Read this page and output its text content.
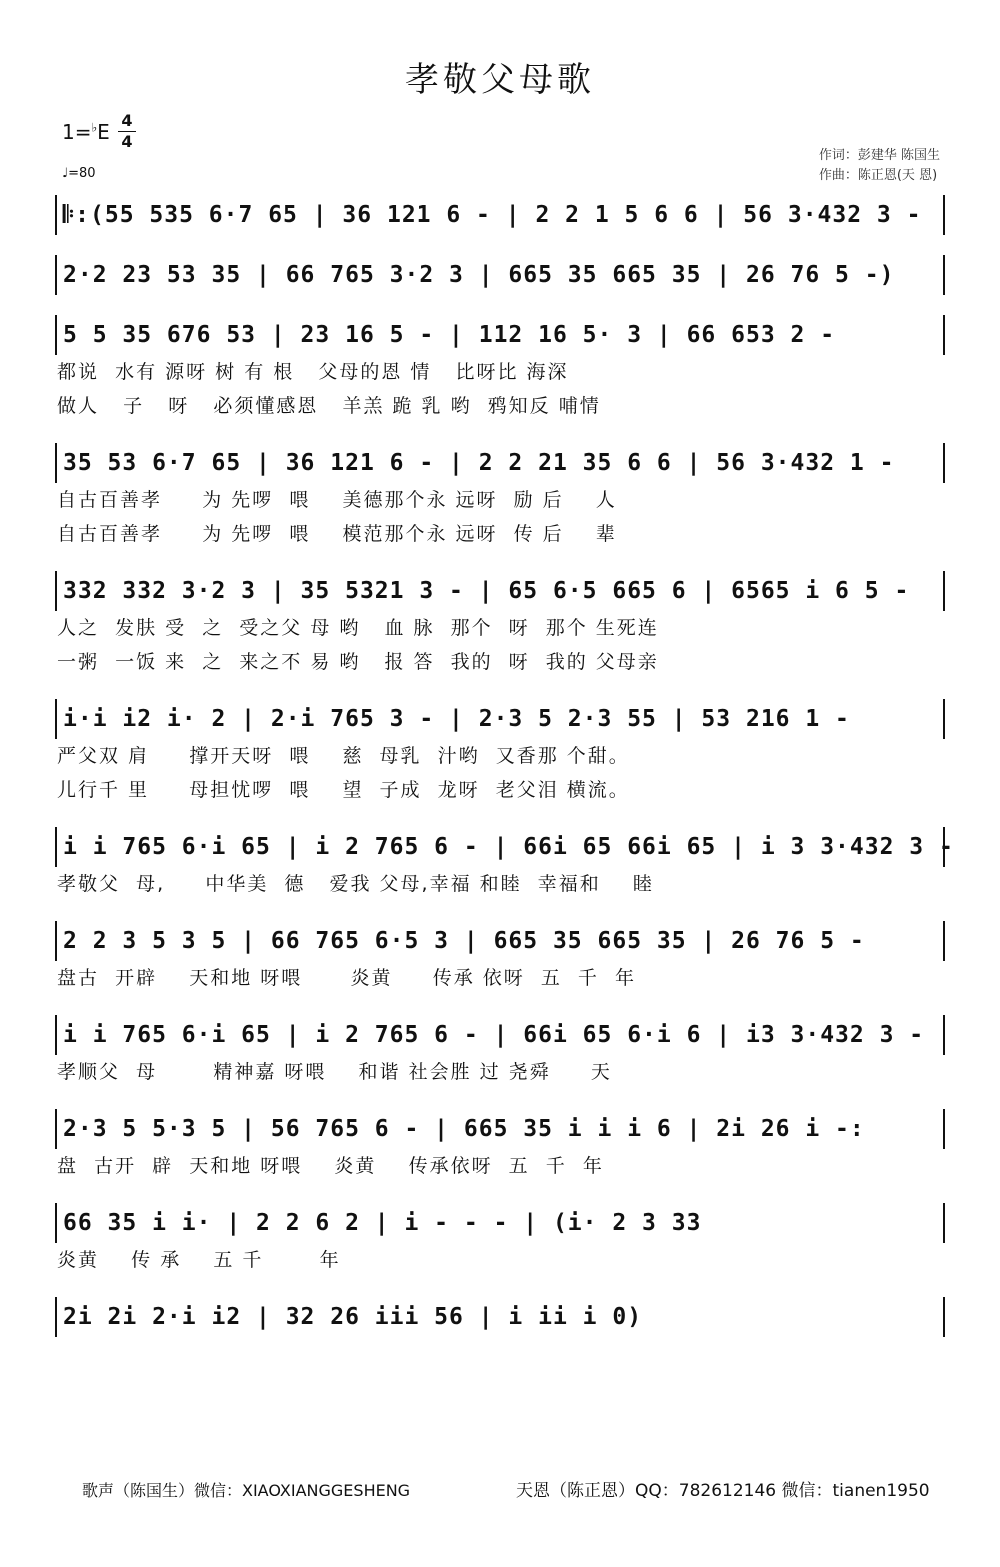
孝敬父母歌
1=♭E 4
4
♩=80
作词：彭建华 陈国生
作曲：陈正恩(天 恩)
𝄆:(55 535 6·7 65 | 36 121 6 - | 2 2 1 5 6 6 | 56 3·432 3 -
2·2 23 53 35 | 66 765 3·2 3 | 665 35 665 35 | 26 76 5 -)
5 5 35 676 53 | 23 16 5 - | 112 16 5· 3 | 66 653 2 -
都说  水有 源呀 树 有 根   父母的恩 情   比呀比 海深
做人   子   呀   必须懂感恩   羊羔 跪 乳 哟  鸦知反 哺情
35 53 6·7 65 | 36 121 6 - | 2 2 21 35 6 6 | 56 3·432 1 -
自古百善孝     为 先啰  喂    美德那个永 远呀  励 后    人
自古百善孝     为 先啰  喂    模范那个永 远呀  传 后    辈
332 332 3·2 3 | 35 5321 3 - | 65 6·5 665 6 | 6565 i 6 5 -
人之  发肤 受  之  受之父 母 哟   血 脉  那个  呀  那个 生死连
一粥  一饭 来  之  来之不 易 哟   报 答  我的  呀  我的 父母亲
i·i i2 i· 2 | 2·i 765 3 - | 2·3 5 2·3 55 | 53 216 1 -
严父双 肩     撑开天呀  喂    慈  母乳  汁哟  又香那 个甜。
儿行千 里     母担忧啰  喂    望  子成  龙呀  老父泪 横流。
i i 765 6·i 65 | i 2 765 6 - | 66i 65 66i 65 | i 3 3·432 3 -
孝敬父  母,     中华美  德   爱我 父母,幸福 和睦  幸福和    睦
2 2 3 5 3 5 | 66 765 6·5 3 | 665 35 665 35 | 26 76 5 -
盘古  开辟    天和地 呀喂      炎黄     传承 依呀  五  千  年
i i 765 6·i 65 | i 2 765 6 - | 66i 65 6·i 6 | i3 3·432 3 -
孝顺父  母       精神嘉 呀喂    和谐 社会胜 过 尧舜     天
2·3 5 5·3 5 | 56 765 6 - | 665 35 i i i 6 | 2i 26 i -:
盘  古开  辟  天和地 呀喂    炎黄    传承依呀  五  千  年
66 35 i i· | 2 2 6 2 | i - - - | (i· 2 3 33
炎黄    传 承    五 千       年
2i 2i 2·i i2 | 32 26 iii 56 | i ii i 0)
歌声（陈国生）微信：XIAOXIANGGESHENG	天恩（陈正恩）QQ：782612146 微信：tianen1950
